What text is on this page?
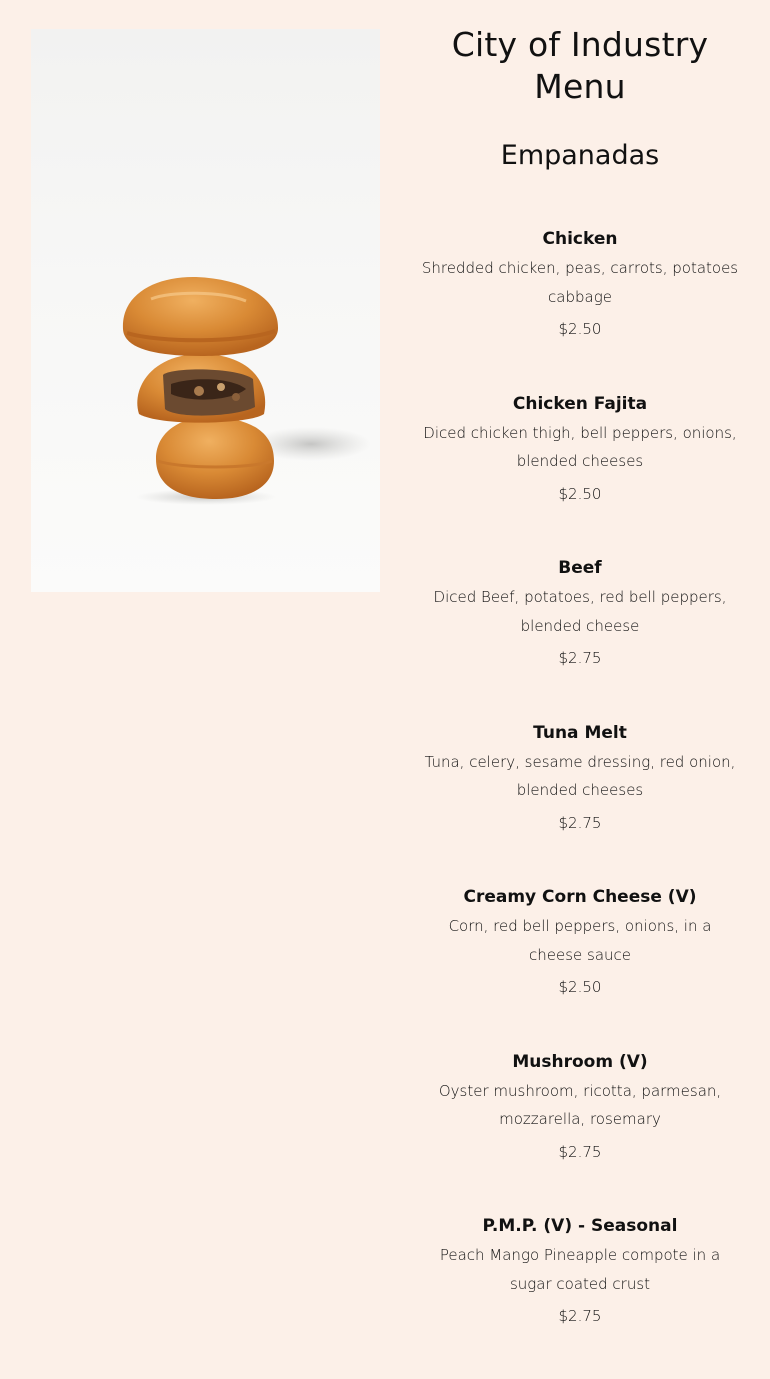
City of Industry Menu
Empanadas
Chicken
Shredded chicken, peas, carrots, potatoes cabbage
$2.50
Chicken Fajita
Diced chicken thigh, bell peppers, onions, blended cheeses
$2.50
Beef
Diced Beef, potatoes, red bell peppers, blended cheese
$2.75
Tuna Melt
Tuna, celery, sesame dressing, red onion, blended cheeses
$2.75
Creamy Corn Cheese (V)
Corn, red bell peppers, onions, in a cheese sauce
$2.50
Mushroom (V)
Oyster mushroom, ricotta, parmesan, mozzarella, rosemary
$2.75
P.M.P. (V) - Seasonal
Peach Mango Pineapple compote in a sugar coated crust
$2.75
